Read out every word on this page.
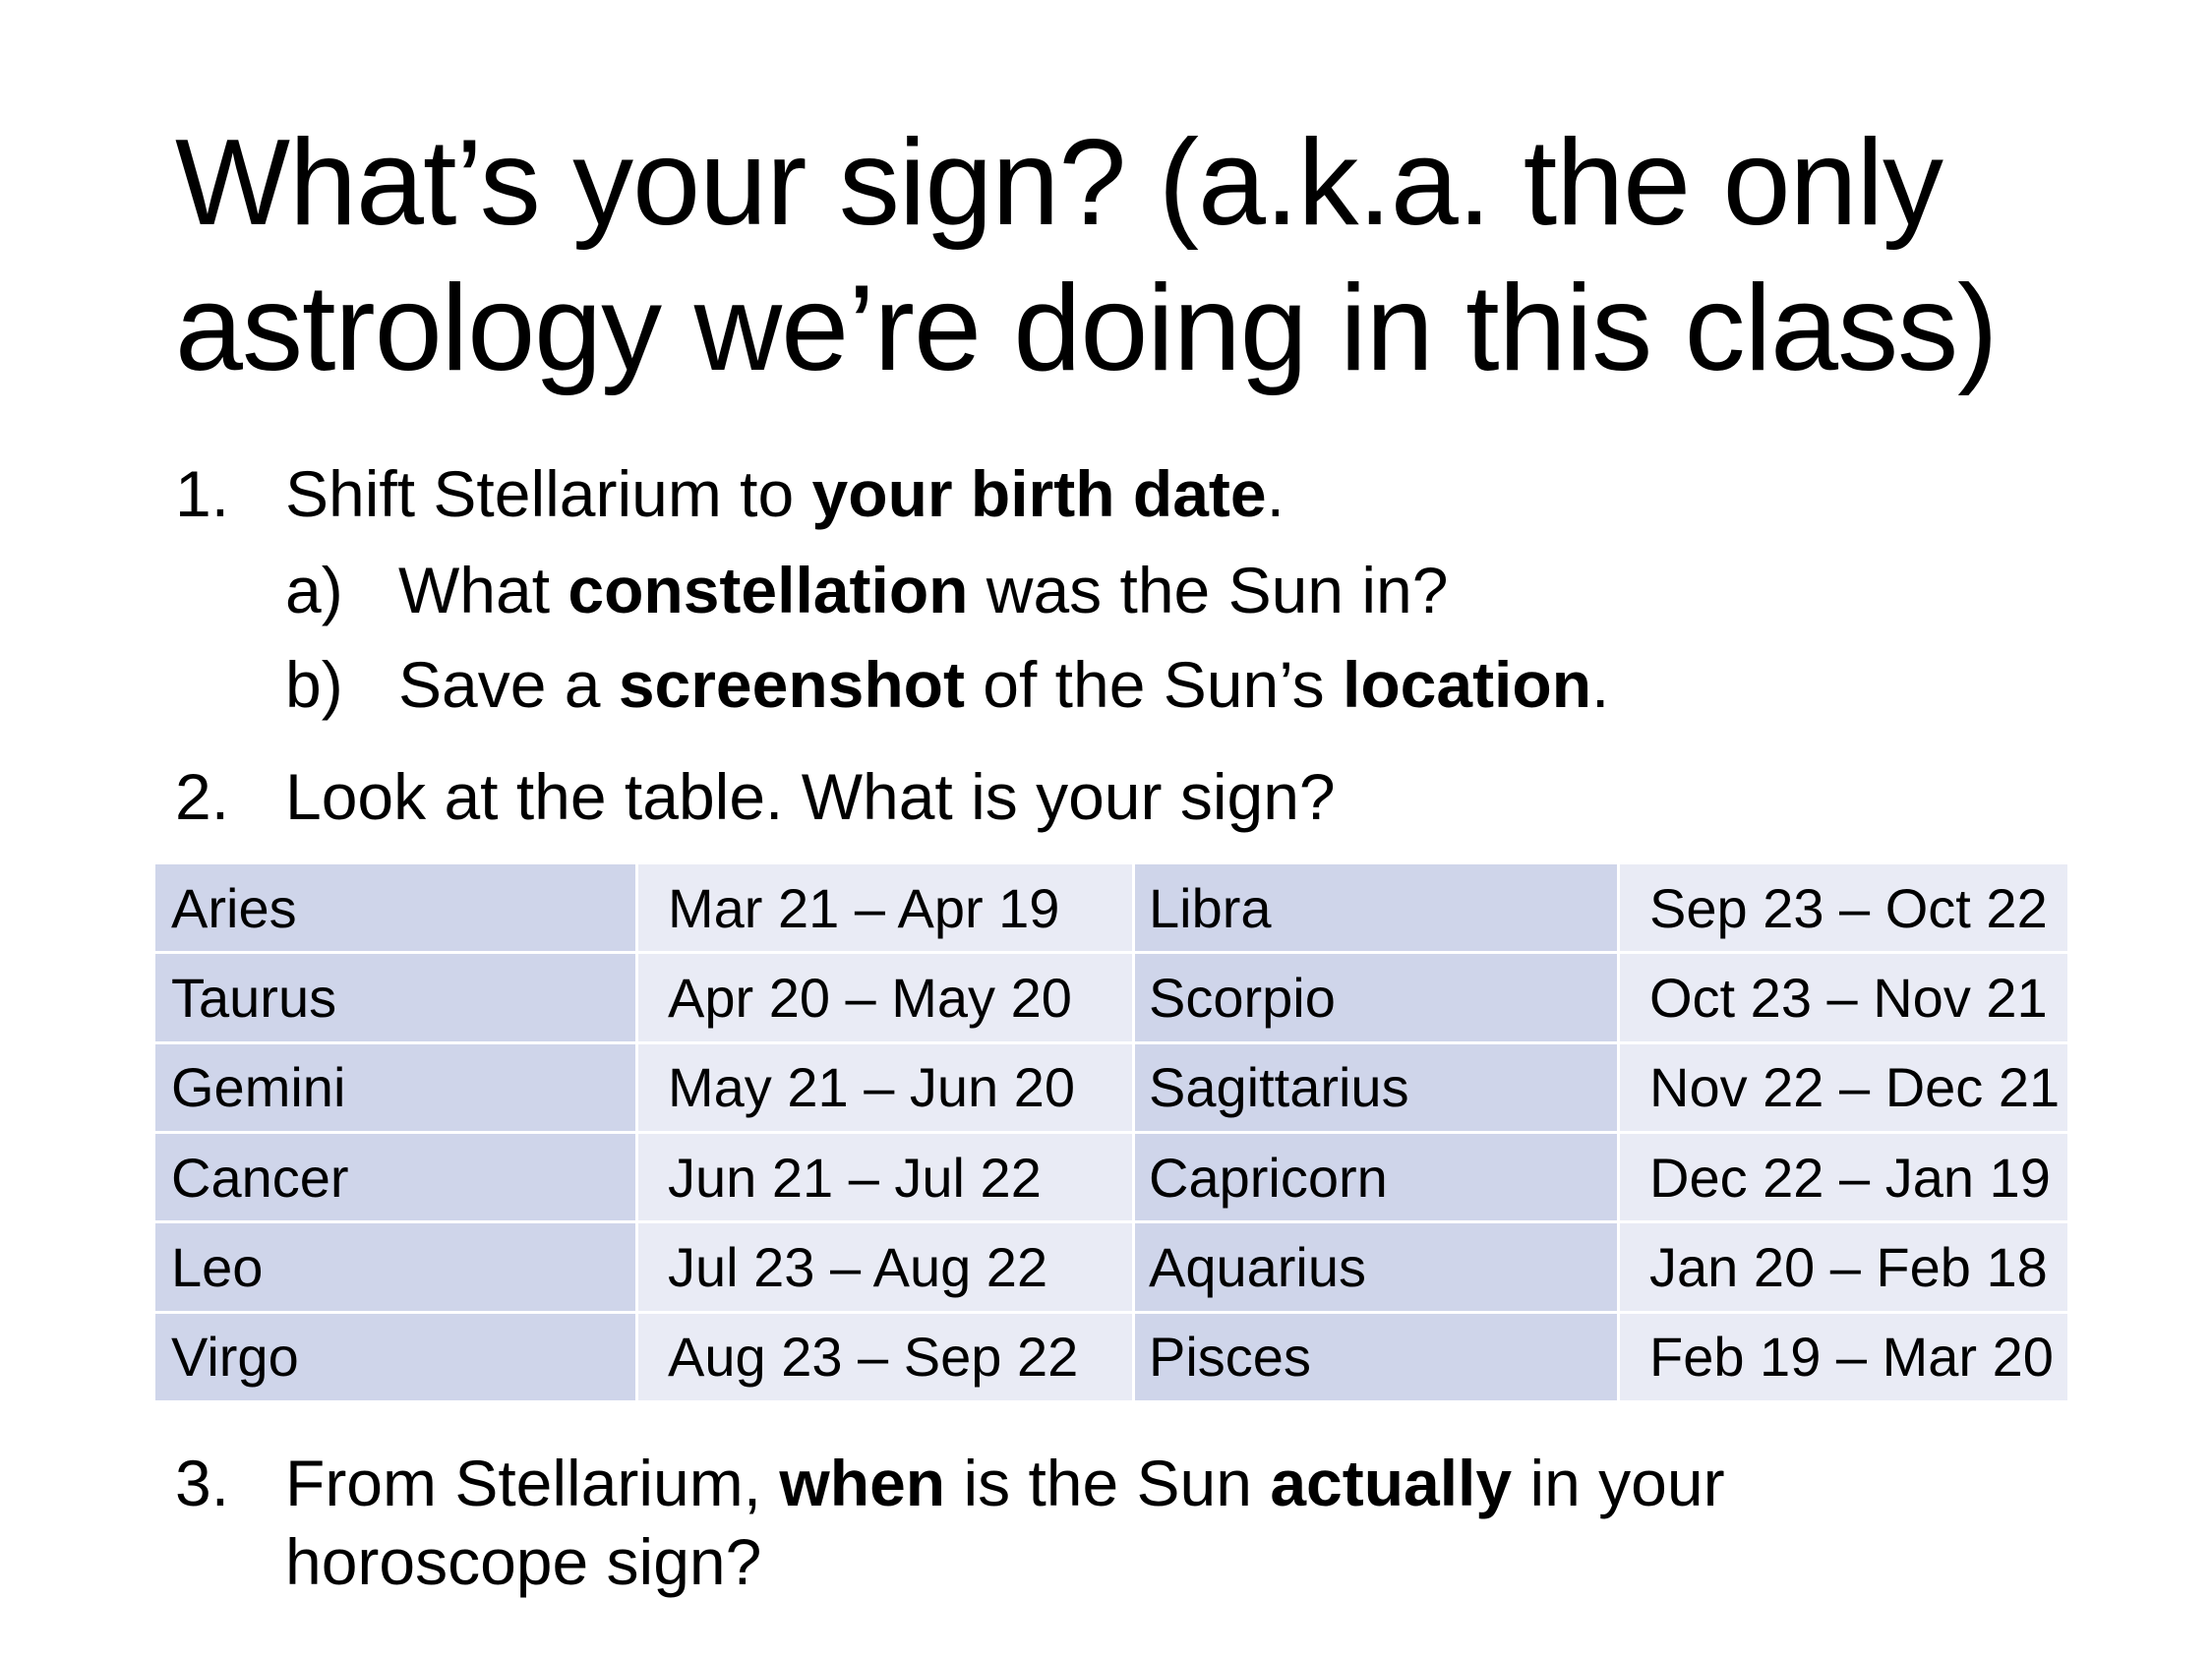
What’s your sign? (a.k.a. the only
astrology we’re doing in this class)
1. Shift Stellarium to your birth date.
a) What constellation was the Sun in?
b) Save a screenshot of the Sun’s location.
2. Look at the table. What is your sign?
Aries	Mar 21 – Apr 19	Libra	Sep 23 – Oct 22
Taurus	Apr 20 – May 20	Scorpio	Oct 23 – Nov 21
Gemini	May 21 – Jun 20	Sagittarius	Nov 22 – Dec 21
Cancer	Jun 21 – Jul 22	Capricorn	Dec 22 – Jan 19
Leo	Jul 23 – Aug 22	Aquarius	Jan 20 – Feb 18
Virgo	Aug 23 – Sep 22	Pisces	Feb 19 – Mar 20
3. From Stellarium, when is the Sun actually in your
horoscope sign?
